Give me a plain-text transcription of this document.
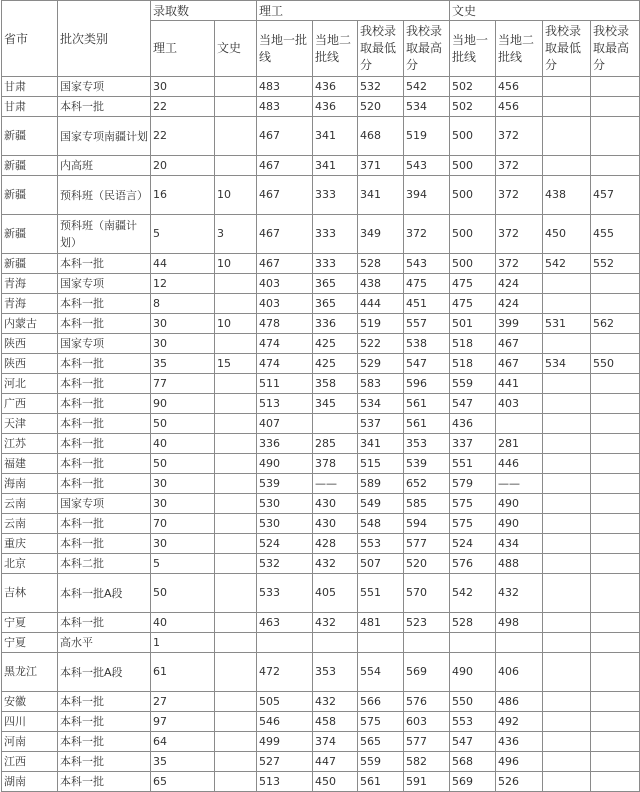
省市	批次类别	录取数		理工				文史			
		理工	文史	当地一批线	当地二批线	我校录取最低分	我校录取最高分	当地一批线	当地二批线	我校录取最低分	我校录取最高分
甘肃	国家专项	30		483	436	532	542	502	456		
甘肃	本科一批	22		483	436	520	534	502	456		
新疆	国家专项南疆计划	22		467	341	468	519	500	372		
新疆	内高班	20		467	341	371	543	500	372		
新疆	预科班（民语言）	16	10	467	333	341	394	500	372	438	457
新疆	预科班（南疆计划）	5	3	467	333	349	372	500	372	450	455
新疆	本科一批	44	10	467	333	528	543	500	372	542	552
青海	国家专项	12		403	365	438	475	475	424		
青海	本科一批	8		403	365	444	451	475	424		
内蒙古	本科一批	30	10	478	336	519	557	501	399	531	562
陕西	国家专项	30		474	425	522	538	518	467		
陕西	本科一批	35	15	474	425	529	547	518	467	534	550
河北	本科一批	77		511	358	583	596	559	441		
广西	本科一批	90		513	345	534	561	547	403		
天津	本科一批	50		407		537	561	436			
江苏	本科一批	40		336	285	341	353	337	281		
福建	本科一批	50		490	378	515	539	551	446		
海南	本科一批	30		539	——	589	652	579	——		
云南	国家专项	30		530	430	549	585	575	490		
云南	本科一批	70		530	430	548	594	575	490		
重庆	本科一批	30		524	428	553	577	524	434		
北京	本科二批	5		532	432	507	520	576	488		
吉林	本科一批A段	50		533	405	551	570	542	432		
宁夏	本科一批	40		463	432	481	523	528	498		
宁夏	高水平	1									
黑龙江	本科一批A段	61		472	353	554	569	490	406		
安徽	本科一批	27		505	432	566	576	550	486		
四川	本科一批	97		546	458	575	603	553	492		
河南	本科一批	64		499	374	565	577	547	436		
江西	本科一批	35		527	447	559	582	568	496		
湖南	本科一批	65		513	450	561	591	569	526		
